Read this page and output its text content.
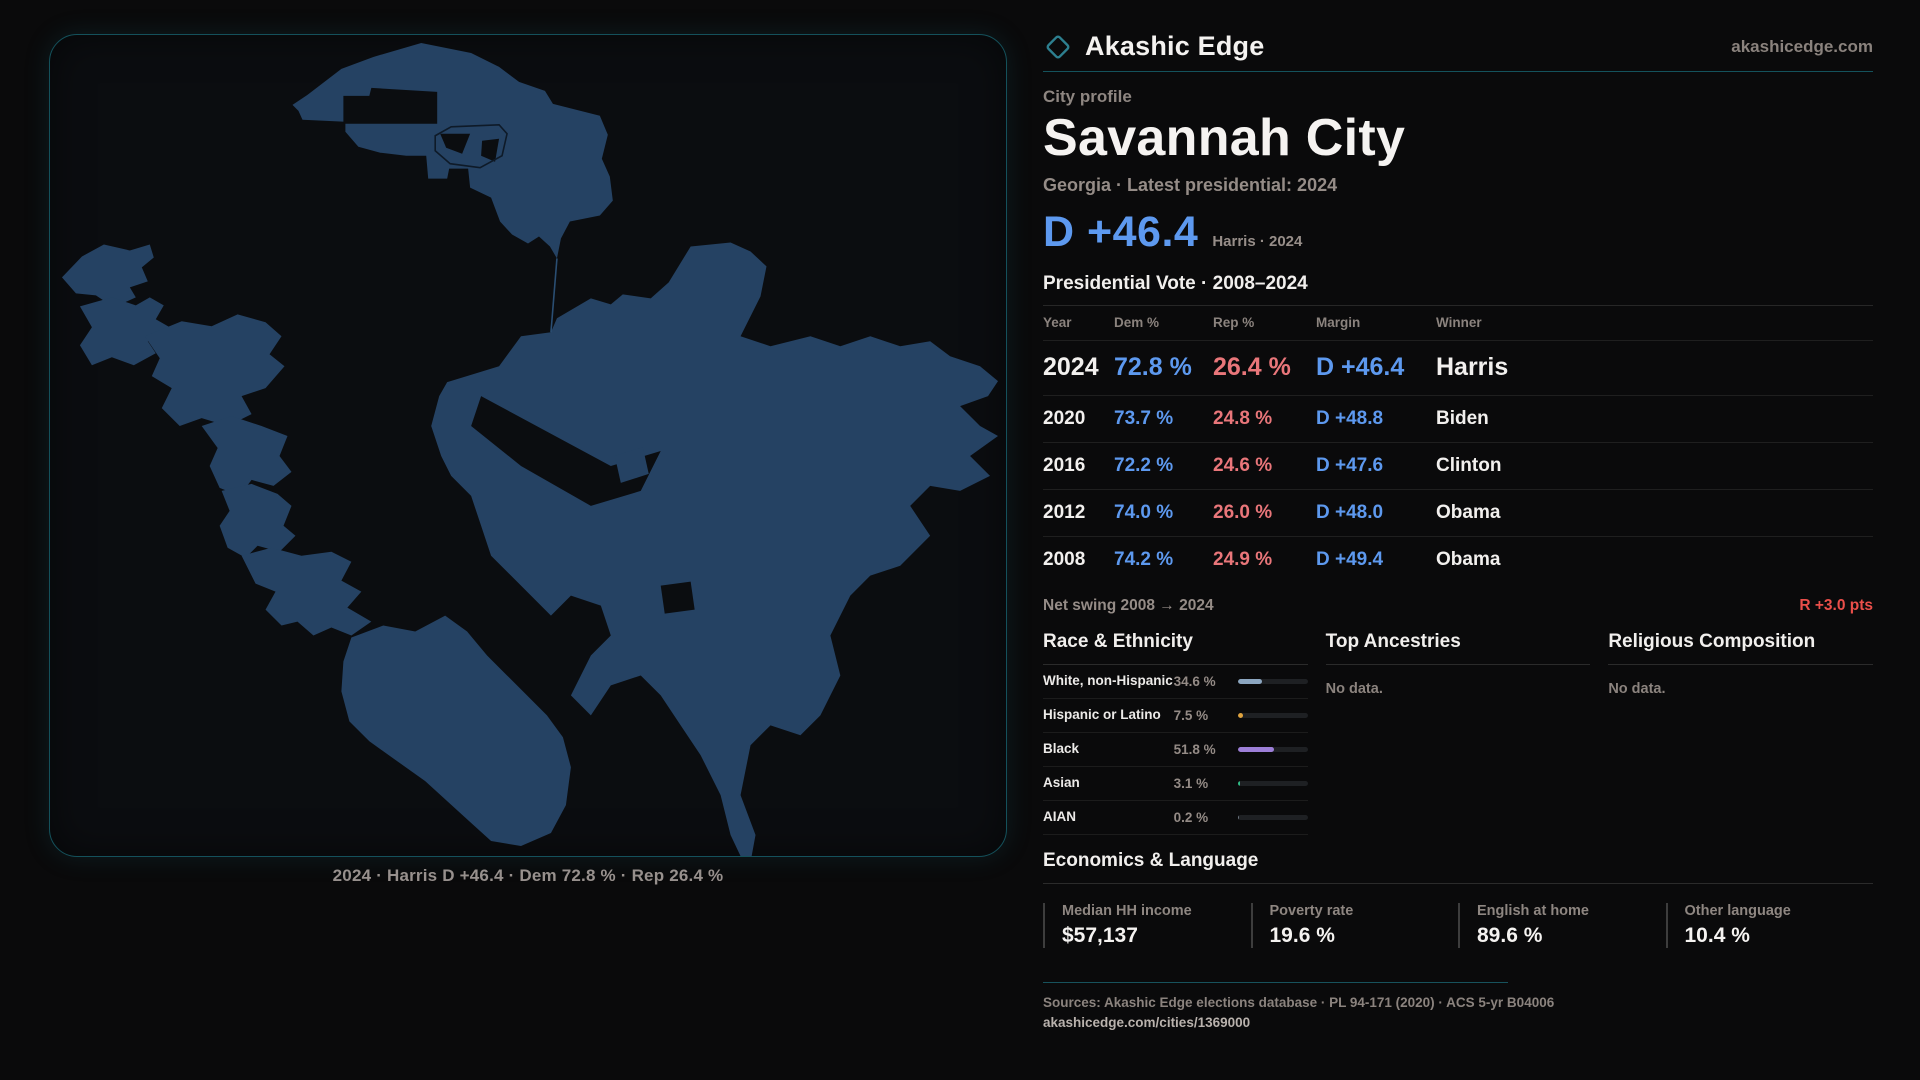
2024 · Harris D +46.4 · Dem 72.8 % · Rep 26.4 %
Akashic Edge	akashicedge.com
City profile
Savannah City
Georgia · Latest presidential: 2024
D +46.4 Harris · 2024
Presidential Vote · 2008–2024
Year	Dem %	Rep %	Margin	Winner
2024 72.8 % 26.4 %	D +46.4	Harris
2020	73.7 %	24.8 %	D +48.8	Biden
2016	72.2 %	24.6 %	D +47.6	Clinton
2012	74.0 %	26.0 %	D +48.0	Obama
2008	74.2 %	24.9 %	D +49.4	Obama
Net swing 2008 → 2024	R +3.0 pts
Race & Ethnicity
White, non-Hispanic 34.6 %
Hispanic or Latino 7.5 %
Black	51.8 %
Asian	3.1 %
AIAN	0.2 %
Top Ancestries
No data.
Religious Composition
No data.
Economics & Language
Median HH income
$57,137
Poverty rate
19.6 %
English at home
89.6 %
Other language
10.4 %
Sources: Akashic Edge elections database · PL 94-171 (2020) · ACS 5-yr B04006
akashicedge.com/cities/1369000
